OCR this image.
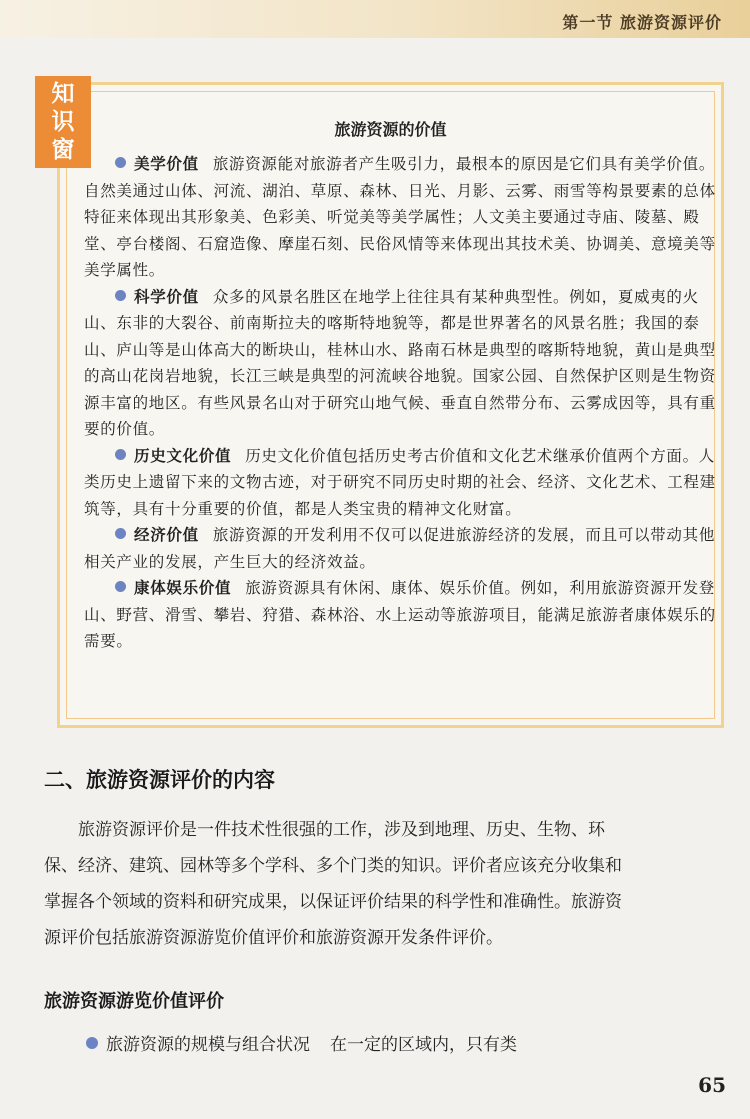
第一节 旅游资源评价
知
识
窗
旅游资源的价值

美学价值 旅游资源能对旅游者产生吸引力，最根本的原因是它们具有美学价值。自然美通过山体、河流、湖泊、草原、森林、日光、月影、云雾、雨雪等构景要素的总体特征来体现出其形象美、色彩美、听觉美等美学属性；人文美主要通过寺庙、陵墓、殿堂、亭台楼阁、石窟造像、摩崖石刻、民俗风情等来体现出其技术美、协调美、意境美等美学属性。

科学价值 众多的风景名胜区在地学上往往具有某种典型性。例如，夏威夷的火山、东非的大裂谷、前南斯拉夫的喀斯特地貌等，都是世界著名的风景名胜；我国的泰山、庐山等是山体高大的断块山，桂林山水、路南石林是典型的喀斯特地貌，黄山是典型的高山花岗岩地貌，长江三峡是典型的河流峡谷地貌。国家公园、自然保护区则是生物资源丰富的地区。有些风景名山对于研究山地气候、垂直自然带分布、云雾成因等，具有重要的价值。

历史文化价值 历史文化价值包括历史考古价值和文化艺术继承价值两个方面。人类历史上遗留下来的文物古迹，对于研究不同历史时期的社会、经济、文化艺术、工程建筑等，具有十分重要的价值，都是人类宝贵的精神文化财富。

经济价值 旅游资源的开发利用不仅可以促进旅游经济的发展，而且可以带动其他相关产业的发展，产生巨大的经济效益。

康体娱乐价值 旅游资源具有休闲、康体、娱乐价值。例如，利用旅游资源开发登山、野营、滑雪、攀岩、狩猎、森林浴、水上运动等旅游项目，能满足旅游者康体娱乐的需要。

二、旅游资源评价的内容

旅游资源评价是一件技术性很强的工作，涉及到地理、历史、生物、环保、经济、建筑、园林等多个学科、多个门类的知识。评价者应该充分收集和掌握各个领域的资料和研究成果，以保证评价结果的科学性和准确性。旅游资源评价包括旅游资源游览价值评价和旅游资源开发条件评价。

旅游资源游览价值评价
旅游资源的规模与组合状况 在一定的区域内，只有类
65
